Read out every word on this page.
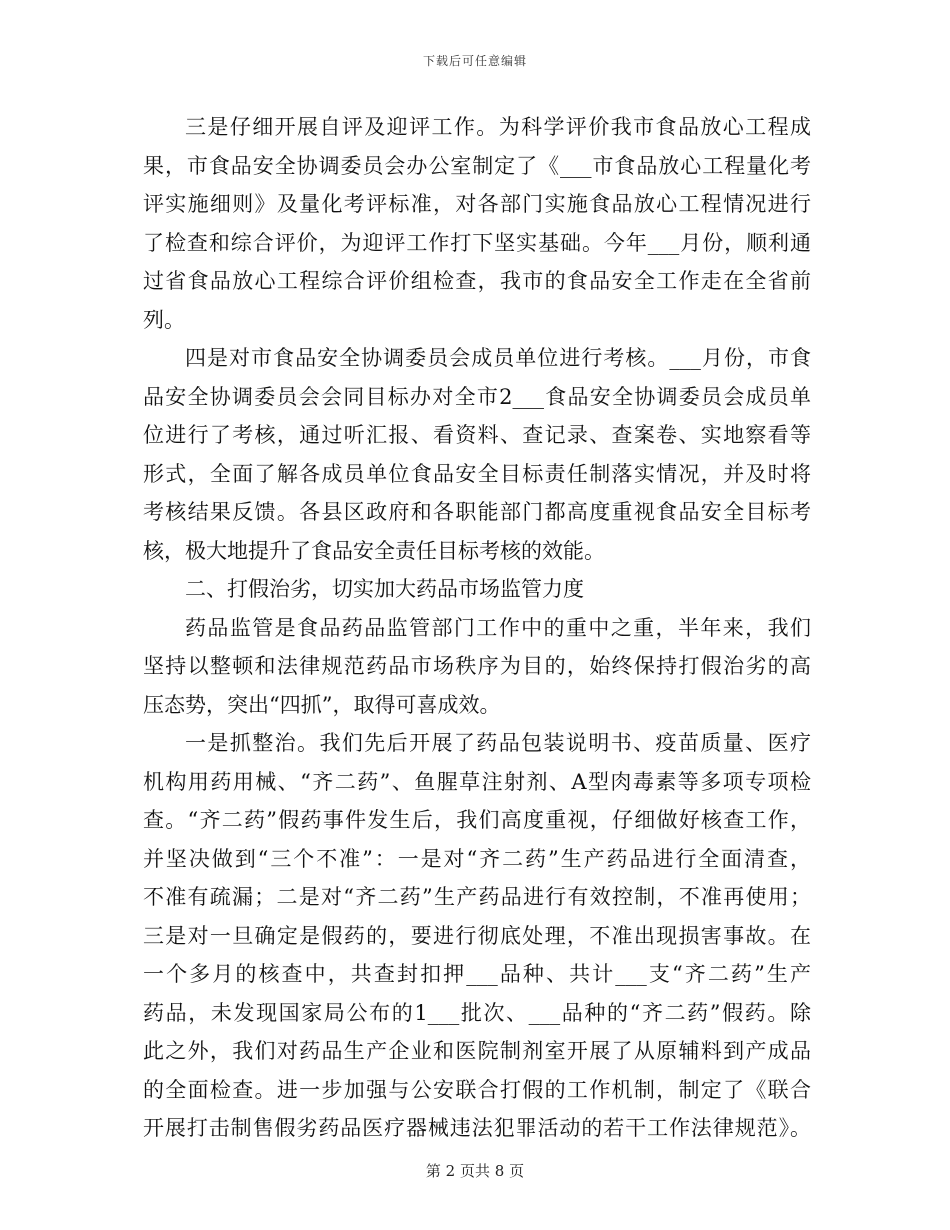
下载后可任意编辑
三是仔细开展自评及迎评工作。为科学评价我市食品放心工程成
果，市食品安全协调委员会办公室制定了《___市食品放心工程量化考
评实施细则》及量化考评标准，对各部门实施食品放心工程情况进行
了检查和综合评价，为迎评工作打下坚实基础。今年___月份，顺利通
过省食品放心工程综合评价组检查，我市的食品安全工作走在全省前
列。
四是对市食品安全协调委员会成员单位进行考核。___月份，市食
品安全协调委员会会同目标办对全市2___食品安全协调委员会成员单
位进行了考核，通过听汇报、看资料、查记录、查案卷、实地察看等
形式，全面了解各成员单位食品安全目标责任制落实情况，并及时将
考核结果反馈。各县区政府和各职能部门都高度重视食品安全目标考
核，极大地提升了食品安全责任目标考核的效能。
二、打假治劣，切实加大药品市场监管力度
药品监管是食品药品监管部门工作中的重中之重，半年来，我们
坚持以整顿和法律规范药品市场秩序为目的，始终保持打假治劣的高
压态势，突出“四抓”，取得可喜成效。
一是抓整治。我们先后开展了药品包装说明书、疫苗质量、医疗
机构用药用械、“齐二药”、鱼腥草注射剂、A型肉毒素等多项专项检
查。“齐二药”假药事件发生后，我们高度重视，仔细做好核查工作，
并坚决做到“三个不准”：一是对“齐二药”生产药品进行全面清查，
不准有疏漏；二是对“齐二药”生产药品进行有效控制，不准再使用；
三是对一旦确定是假药的，要进行彻底处理，不准出现损害事故。在
一个多月的核查中，共查封扣押___品种、共计___支“齐二药”生产
药品，未发现国家局公布的1___批次、___品种的“齐二药”假药。除
此之外，我们对药品生产企业和医院制剂室开展了从原辅料到产成品
的全面检查。进一步加强与公安联合打假的工作机制，制定了《联合
开展打击制售假劣药品医疗器械违法犯罪活动的若干工作法律规范》。
第 2 页共 8 页
